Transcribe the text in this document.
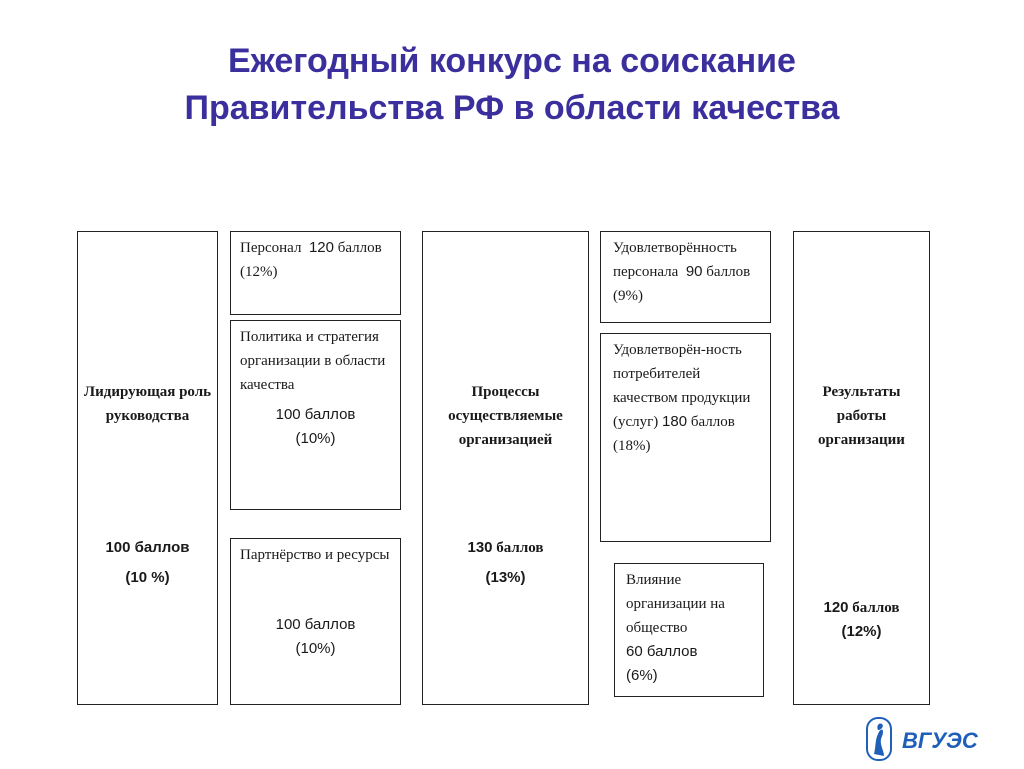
Ежегодный конкурс на соискание
Правительства РФ в области качества
Лидирующая роль руководства
100 баллов
(10 %)
Персонал 120 баллов (12%)
Политика и стратегия организации в области качества
100 баллов
(10%)
Партнёрство и ресурсы
100 баллов
(10%)
Процессы осуществляемые организацией
130 баллов
(13%)
Удовлетворённость персонала 90 баллов (9%)
Удовлетворён-ность потребителей качеством продукции (услуг) 180 баллов (18%)
Влияние организации на общество
60 баллов
(6%)
Результаты работы организации
120 баллов
(12%)
ВГУЭС
